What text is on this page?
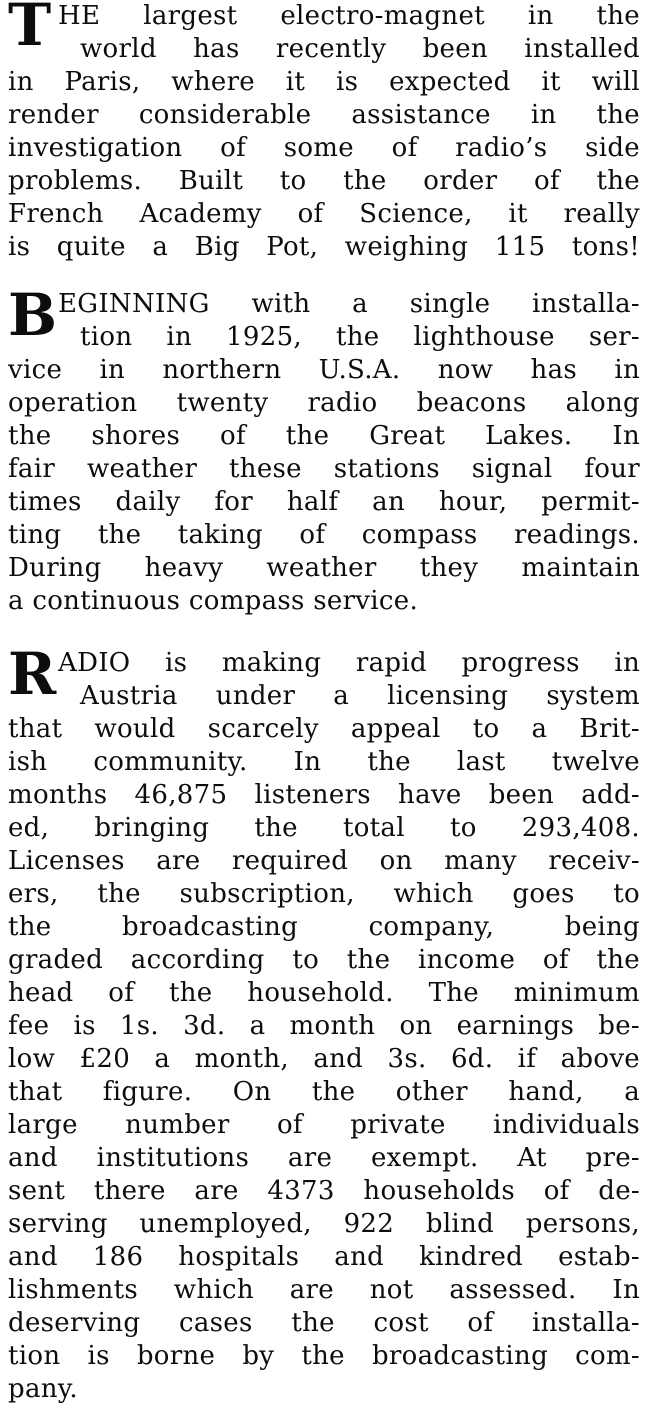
T HE largest electro-magnet in the
world has recently been installed
in Paris, where it is expected it will
render considerable assistance in the
investigation of some of radio’s side
problems. Built to the order of the
French Academy of Science, it really
is quite a Big Pot, weighing 115 tons!
B EGINNING with a single installa-
tion in 1925, the lighthouse ser-
vice in northern U.S.A. now has in
operation twenty radio beacons along
the shores of the Great Lakes. In
fair weather these stations signal four
times daily for half an hour, permit-
ting the taking of compass readings.
During heavy weather they maintain
a continuous compass service.
R ADIO is making rapid progress in
Austria under a licensing system
that would scarcely appeal to a Brit-
ish community. In the last twelve
months 46,875 listeners have been add-
ed, bringing the total to 293,408.
Licenses are required on many receiv-
ers, the subscription, which goes to
the broadcasting company, being
graded according to the income of the
head of the household. The minimum
fee is 1s. 3d. a month on earnings be-
low £20 a month, and 3s. 6d. if above
that figure. On the other hand, a
large number of private individuals
and institutions are exempt. At pre-
sent there are 4373 households of de-
serving unemployed, 922 blind persons,
and 186 hospitals and kindred estab-
lishments which are not assessed. In
deserving cases the cost of installa-
tion is borne by the broadcasting com-
pany.
